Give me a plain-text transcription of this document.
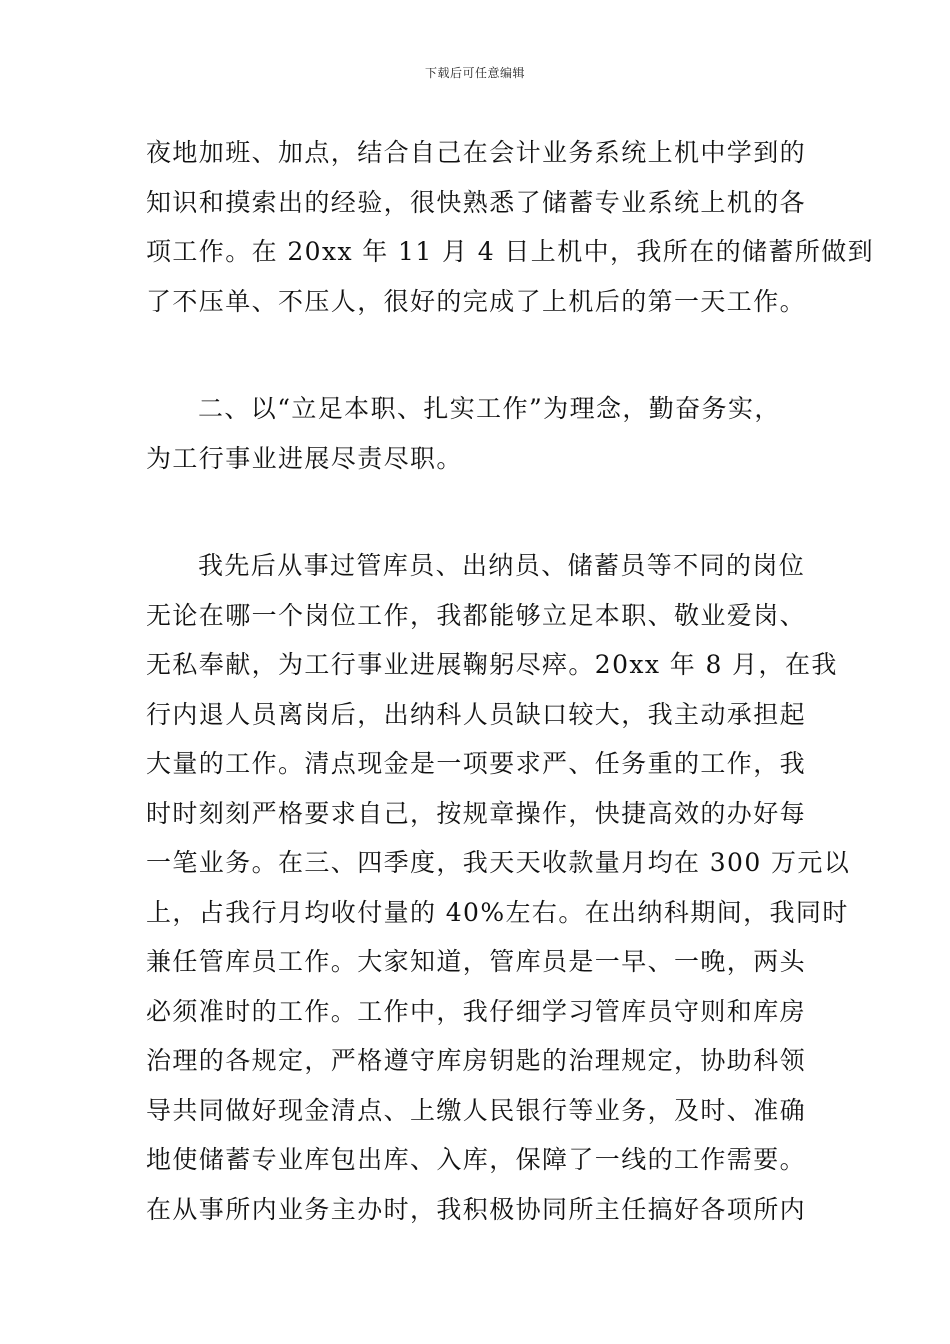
下载后可任意编辑

夜地加班、加点，结合自己在会计业务系统上机中学到的
知识和摸索出的经验，很快熟悉了储蓄专业系统上机的各
项工作。在 20xx 年 11 月 4 日上机中，我所在的储蓄所做到
了不压单、不压人，很好的完成了上机后的第一天工作。

二、以“立足本职、扎实工作”为理念，勤奋务实，
为工行事业进展尽责尽职。

我先后从事过管库员、出纳员、储蓄员等不同的岗位
无论在哪一个岗位工作，我都能够立足本职、敬业爱岗、
无私奉献，为工行事业进展鞠躬尽瘁。20xx 年 8 月，在我
行内退人员离岗后，出纳科人员缺口较大，我主动承担起
大量的工作。清点现金是一项要求严、任务重的工作，我
时时刻刻严格要求自己，按规章操作，快捷高效的办好每
一笔业务。在三、四季度，我天天收款量月均在 300 万元以
上，占我行月均收付量的 40%左右。在出纳科期间，我同时
兼任管库员工作。大家知道，管库员是一早、一晚，两头
必须准时的工作。工作中，我仔细学习管库员守则和库房
治理的各规定，严格遵守库房钥匙的治理规定，协助科领
导共同做好现金清点、上缴人民银行等业务，及时、准确
地使储蓄专业库包出库、入库，保障了一线的工作需要。
在从事所内业务主办时，我积极协同所主任搞好各项所内
